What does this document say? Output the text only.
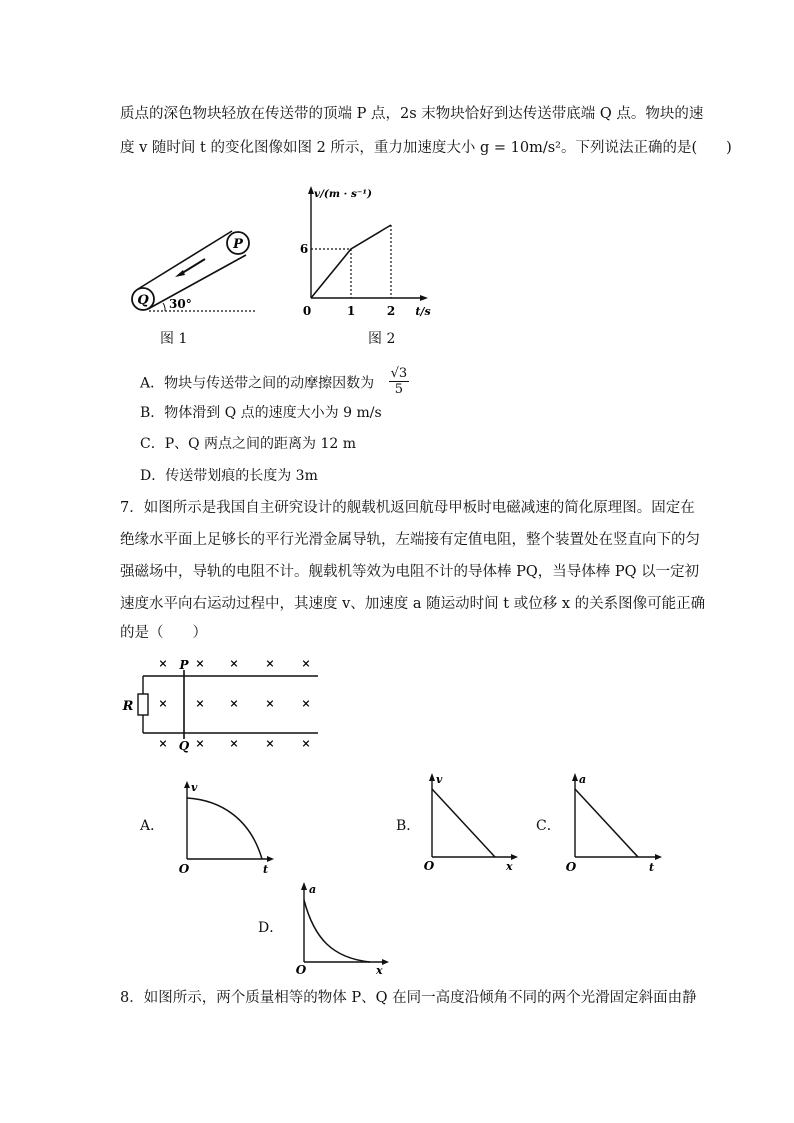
质点的深色物块轻放在传送带的顶端 P 点，2s 末物块恰好到达传送带底端 Q 点。物块的速
度 v 随时间 t 的变化图像如图 2 所示，重力加速度大小 g = 10m/s²。下列说法正确的是(　　)
Q
P
30°
图 1
v/(m · s⁻¹)
t/s
6
0	1	2
图 2
A．物块与传送带之间的动摩擦因数为 $\frac{√3}{5}$
B．物体滑到 Q 点的速度大小为 9 m/s
C．P、Q 两点之间的距离为 12 m
D．传送带划痕的长度为 3m
7．如图所示是我国自主研究设计的舰载机返回航母甲板时电磁减速的简化原理图。固定在
绝缘水平面上足够长的平行光滑金属导轨，左端接有定值电阻，整个装置处在竖直向下的匀
强磁场中，导轨的电阻不计。舰载机等效为电阻不计的导体棒 PQ，当导体棒 PQ 以一定初
速度水平向右运动过程中，其速度 v、加速度 a 随运动时间 t 或位移 x 的关系图像可能正确
的是（　　）
R
P
Q
×	× × × ×
×	× × × ×
×	× × × ×
A．
v
t
O
B．
v
x
O
C．
a
t
O
D．
a
x
O
8．如图所示，两个质量相等的物体 P、Q 在同一高度沿倾角不同的两个光滑固定斜面由静
